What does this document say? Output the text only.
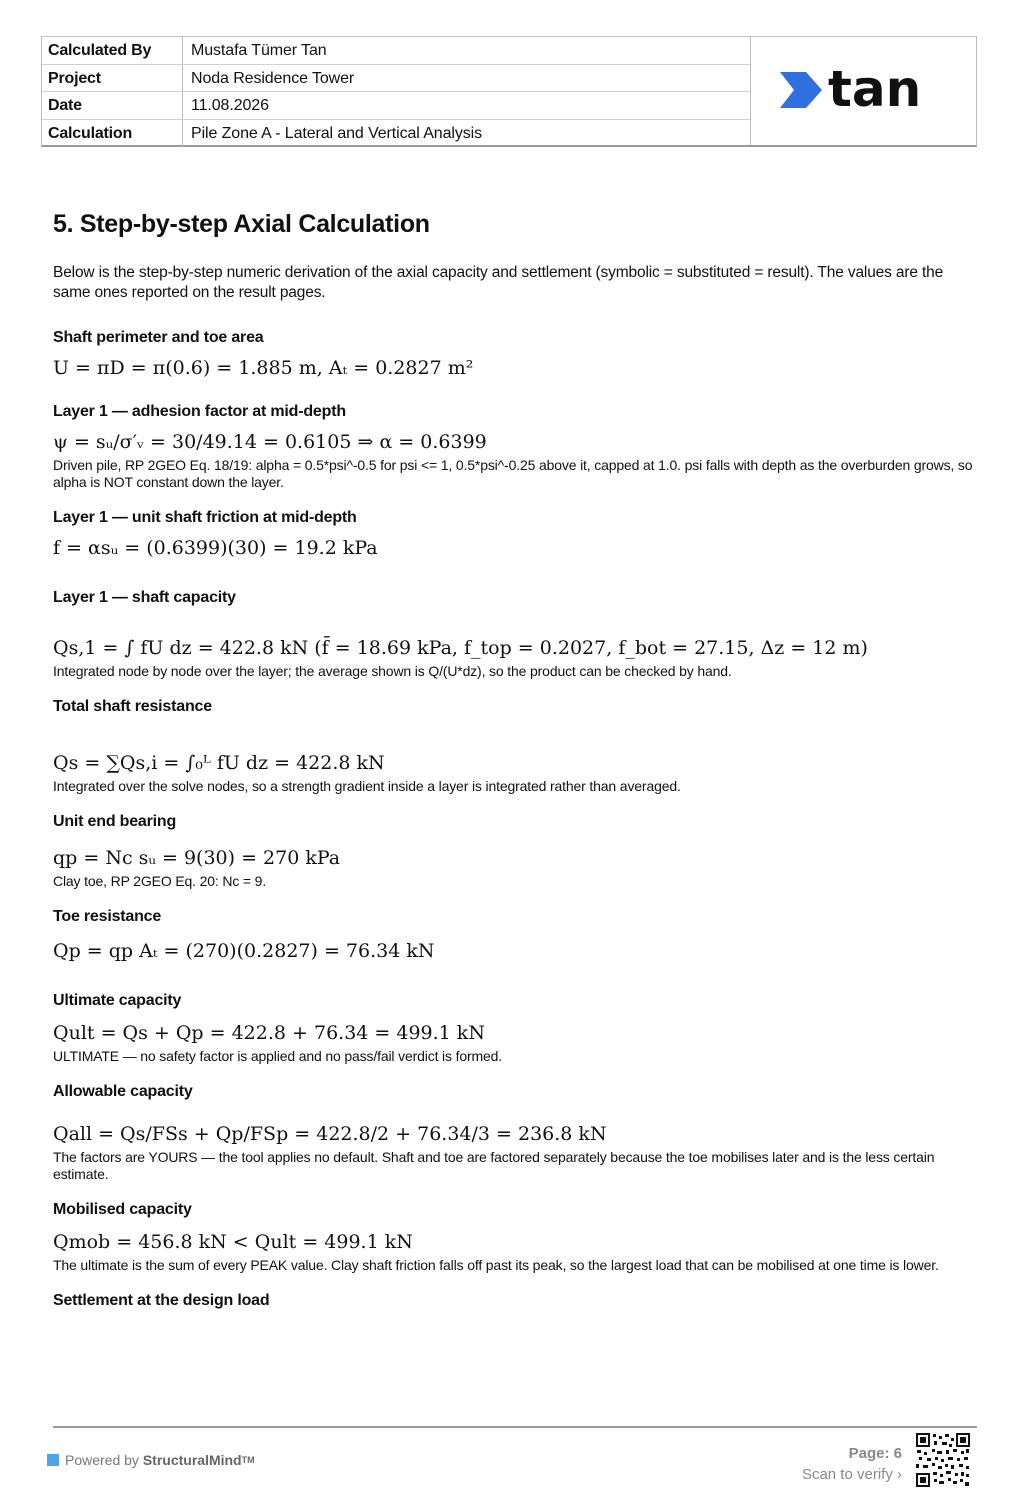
Calculated By	Mustafa Tümer Tan
Project	Noda Residence Tower
Date	11.08.2026
Calculation	Pile Zone A - Lateral and Vertical Analysis
tan
5. Step-by-step Axial Calculation

Below is the step-by-step numeric derivation of the axial capacity and settlement (symbolic = substituted = result). The values are the same ones reported on the result pages.

Shaft perimeter and toe area
U = πD = π(0.6) = 1.885 m, Aₜ = 0.2827 m²
Layer 1 — adhesion factor at mid-depth
ψ = sᵤ/σ′ᵥ = 30/49.14 = 0.6105 ⇒ α = 0.6399
Driven pile, RP 2GEO Eq. 18/19: alpha = 0.5*psi^-0.5 for psi <= 1, 0.5*psi^-0.25 above it, capped at 1.0. psi falls with depth as the overburden grows, so alpha is NOT constant down the layer.
Layer 1 — unit shaft friction at mid-depth
f = αsᵤ = (0.6399)(30) = 19.2 kPa
Layer 1 — shaft capacity
Qs,1 = ∫ fU dz = 422.8 kN (f̄ = 18.69 kPa, f_top = 0.2027, f_bot = 27.15, Δz = 12 m)
Integrated node by node over the layer; the average shown is Q/(U*dz), so the product can be checked by hand.
Total shaft resistance
Qs = ∑Qs,i = ∫₀ᴸ fU dz = 422.8 kN
Integrated over the solve nodes, so a strength gradient inside a layer is integrated rather than averaged.
Unit end bearing
qp = Nc sᵤ = 9(30) = 270 kPa
Clay toe, RP 2GEO Eq. 20: Nc = 9.
Toe resistance
Qp = qp Aₜ = (270)(0.2827) = 76.34 kN
Ultimate capacity
Qult = Qs + Qp = 422.8 + 76.34 = 499.1 kN
ULTIMATE — no safety factor is applied and no pass/fail verdict is formed.
Allowable capacity
Qall = Qs/FSs + Qp/FSp = 422.8/2 + 76.34/3 = 236.8 kN
The factors are YOURS — the tool applies no default. Shaft and toe are factored separately because the toe mobilises later and is the less certain estimate.
Mobilised capacity
Qmob = 456.8 kN < Qult = 499.1 kN
The ultimate is the sum of every PEAK value. Clay shaft friction falls off past its peak, so the largest load that can be mobilised at one time is lower.
Settlement at the design load
Powered by
StructuralMind TM	Page: 6
Scan to verify ›
